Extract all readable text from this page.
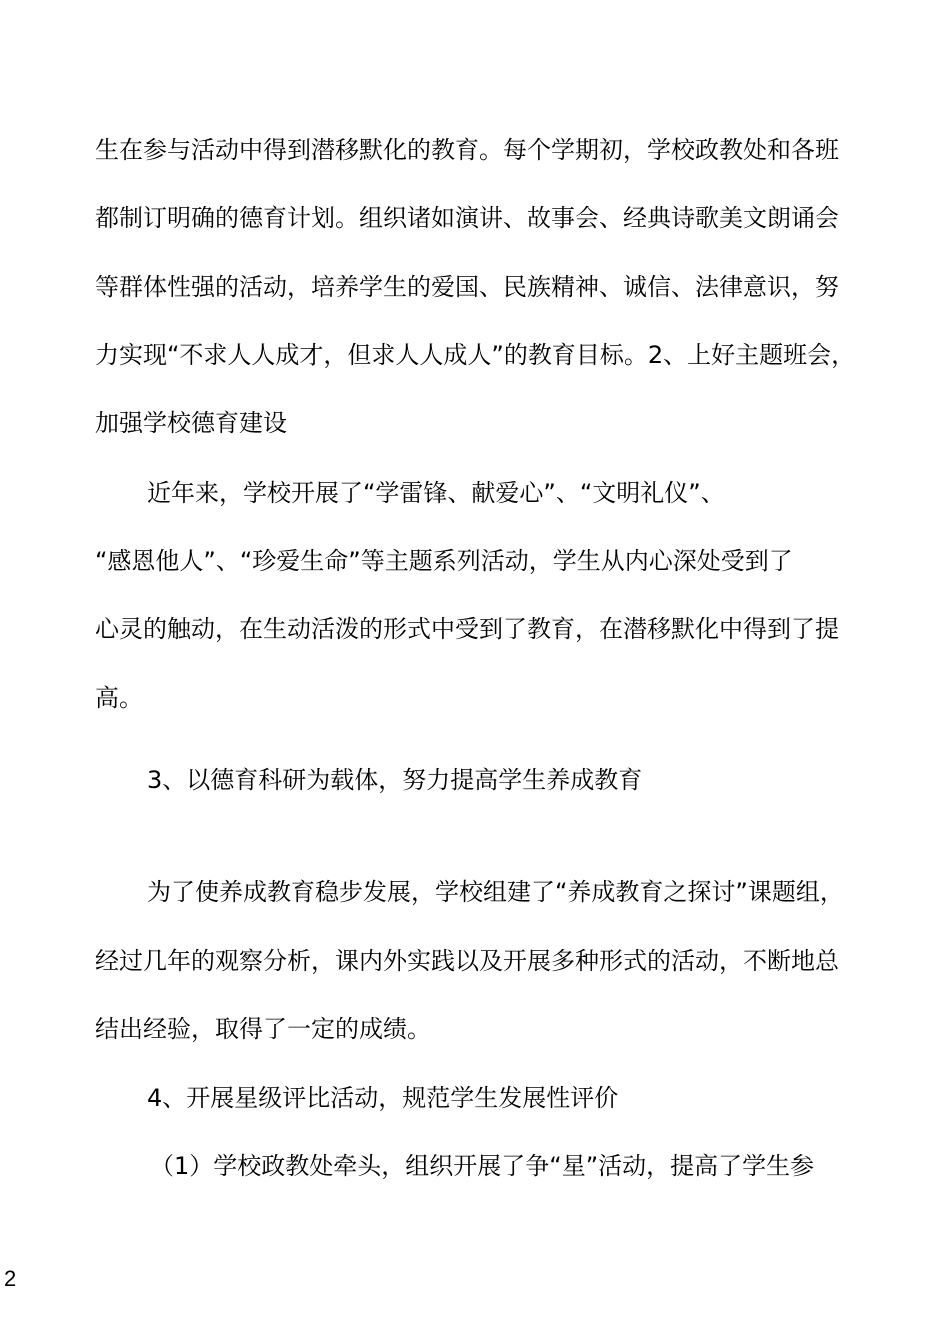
生在参与活动中得到潜移默化的教育。每个学期初，学校政教处和各班
都制订明确的德育计划。组织诸如演讲、故事会、经典诗歌美文朗诵会
等群体性强的活动，培养学生的爱国、民族精神、诚信、法律意识，努
力实现“不求人人成才，但求人人成人”的教育目标。2、上好主题班会，
加强学校德育建设
近年来，学校开展了“学雷锋、献爱心”、“文明礼仪”、
“感恩他人”、“珍爱生命”等主题系列活动，学生从内心深处受到了
心灵的触动，在生动活泼的形式中受到了教育，在潜移默化中得到了提
高。
3、以德育科研为载体，努力提高学生养成教育
为了使养成教育稳步发展，学校组建了“养成教育之探讨”课题组，
经过几年的观察分析，课内外实践以及开展多种形式的活动，不断地总
结出经验，取得了一定的成绩。
4、开展星级评比活动，规范学生发展性评价
（1）学校政教处牵头，组织开展了争“星”活动，提高了学生参
2
